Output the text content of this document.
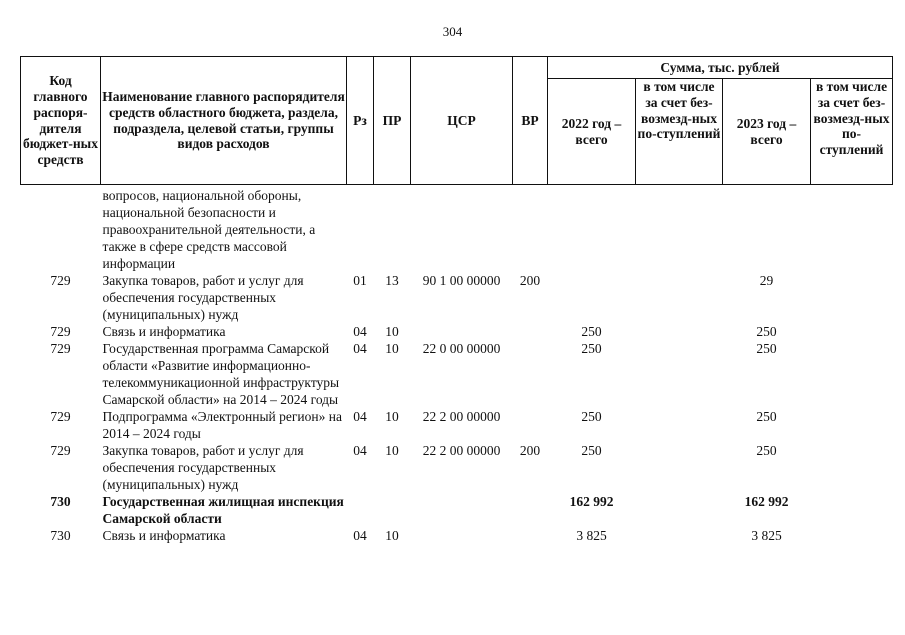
304
Код главного распоря-дителя бюджет-ных средств	Наименование главного распорядителя средств областного бюджета, раздела, подраздела, целевой статьи, группы видов расходов	Рз	ПР	ЦСР	ВР	Сумма, тыс. рублей			
						2022 год – всего	в том числе за счет без-возмезд-ных по-ступлений	2023 год – всего	в том числе за счет без-возмезд-ных по-ступлений
	вопросов, национальной обороны, национальной безопасности и правоохранительной деятельности, а также в сфере средств массовой информации								
729	Закупка товаров, работ и услуг для обеспечения государственных (муниципальных) нужд	01	13	90 1 00 00000	200			29	
729	Связь и информатика	04	10			250		250	
729	Государственная программа Самарской области «Развитие информационно-телекоммуникационной инфраструктуры Самарской области» на 2014 – 2024 годы	04	10	22 0 00 00000		250		250	
729	Подпрограмма «Электронный регион» на 2014 – 2024 годы	04	10	22 2 00 00000		250		250	
729	Закупка товаров, работ и услуг для обеспечения государственных (муниципальных) нужд	04	10	22 2 00 00000	200	250		250	
730	Государственная жилищная инспекция Самарской области					162 992		162 992	
730	Связь и информатика	04	10			3 825		3 825	
